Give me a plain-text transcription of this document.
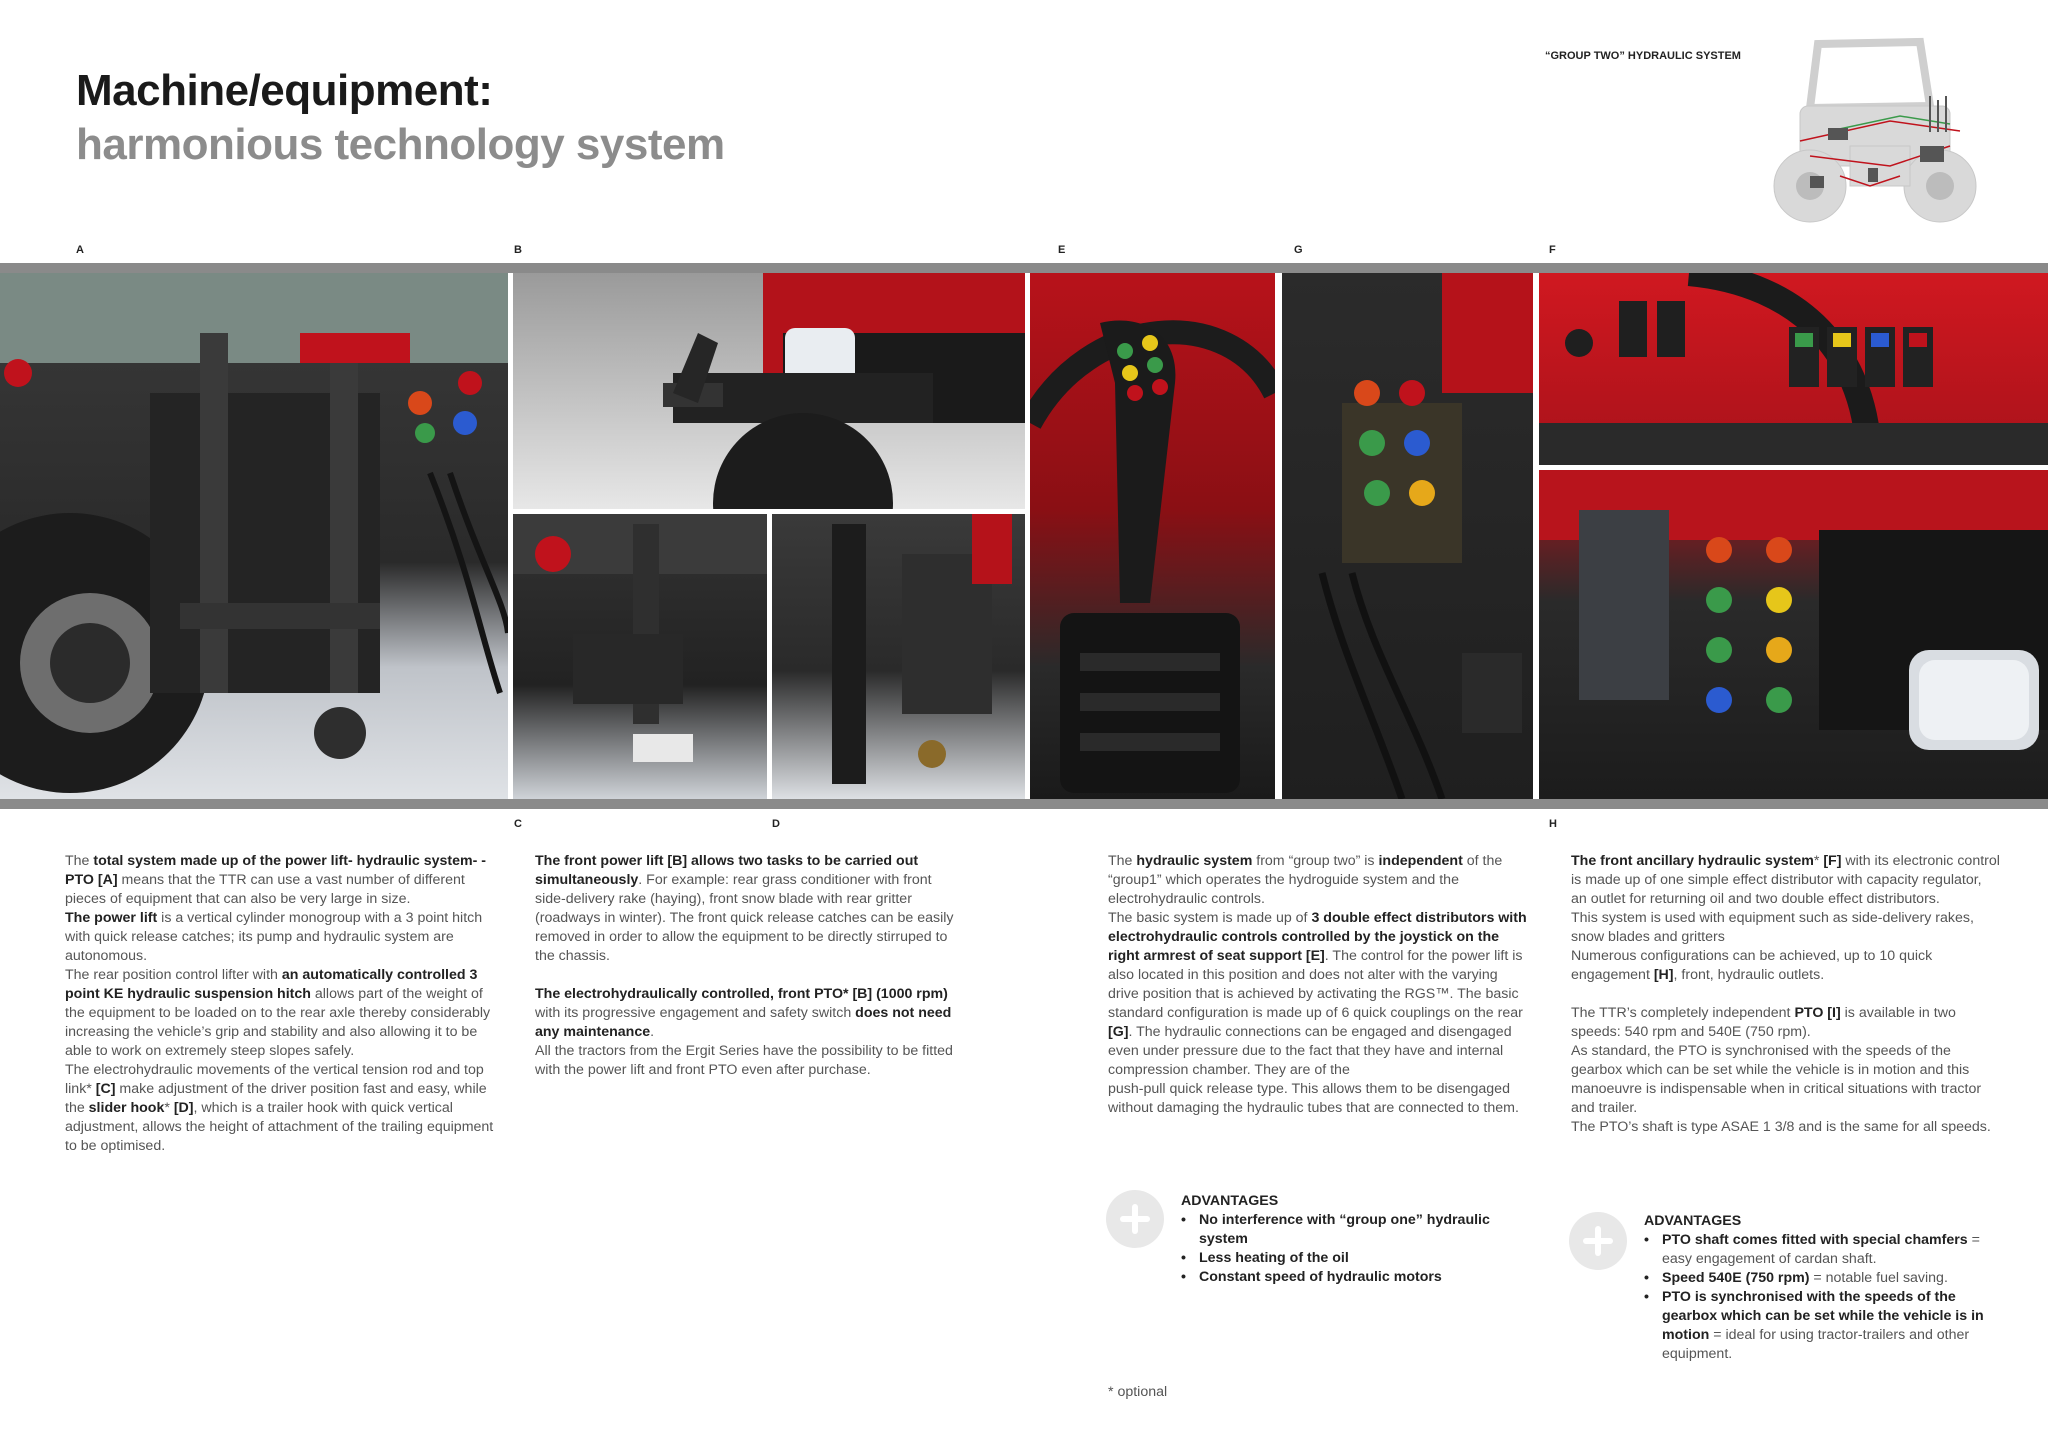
Machine/equipment:
harmonious technology system
“GROUP TWO” HYDRAULIC SYSTEM
A	B	E	G	F
C	D	H
The total system made up of the power lift- hydraulic system- -PTO [A] means that the TTR can use a vast number of different pieces of equipment that can also be very large in size.
The power lift is a vertical cylinder monogroup with a 3 point hitch with quick release catches; its pump and hydraulic system are autonomous.
The rear position control lifter with an automatically controlled 3 point KE hydraulic suspension hitch allows part of the weight of the equipment to be loaded on to the rear axle thereby considerably increasing the vehicle’s grip and stability and also allowing it to be able to work on extremely steep slopes safely.
The electrohydraulic movements of the vertical tension rod and top link* [C] make adjustment of the driver position fast and easy, while the slider hook* [D], which is a trailer hook with quick vertical adjustment, allows the height of attachment of the trailing equipment to be optimised.
The front power lift [B] allows two tasks to be carried out simultaneously. For example: rear grass conditioner with front side-delivery rake (haying), front snow blade with rear gritter (roadways in winter). The front quick release catches can be easily removed in order to allow the equipment to be directly stirruped to the chassis.

The electrohydraulically controlled, front PTO* [B] (1000 rpm) with its progressive engagement and safety switch does not need any maintenance.
All the tractors from the Ergit Series have the possibility to be fitted with the power lift and front PTO even after purchase.
The hydraulic system from “group two” is independent of the “group1” which operates the hydroguide system and the electrohydraulic controls.
The basic system is made up of 3 double effect distributors with electrohydraulic controls controlled by the joystick on the right armrest of seat support [E]. The control for the power lift is also located in this position and does not alter with the varying drive position that is achieved by activating the RGS™. The basic standard configuration is made up of 6 quick couplings on the rear [G]. The hydraulic connections can be engaged and disengaged even under pressure due to the fact that they have and internal compression chamber. They are of the
push-pull quick release type. This allows them to be disengaged without damaging the hydraulic tubes that are connected to them.
The front ancillary hydraulic system* [F] with its electronic control is made up of one simple effect distributor with capacity regulator, an outlet for returning oil and two double effect distributors.
This system is used with equipment such as side-delivery rakes, snow blades and gritters
Numerous configurations can be achieved, up to 10 quick engagement [H], front, hydraulic outlets.

The TTR’s completely independent PTO [I] is available in two speeds: 540 rpm and 540E (750 rpm).
As standard, the PTO is synchronised with the speeds of the gearbox which can be set while the vehicle is in motion and this manoeuvre is indispensable when in critical situations with tractor and trailer.
The PTO’s shaft is type ASAE 1 3/8 and is the same for all speeds.
ADVANTAGES
• No interference with “group one” hydraulic system
• Less heating of the oil
• Constant speed of hydraulic motors
ADVANTAGES
• PTO shaft comes fitted with special chamfers = easy engagement of cardan shaft.
• Speed 540E (750 rpm) = notable fuel saving.
• PTO is synchronised with the speeds of the gearbox which can be set while the vehicle is in motion = ideal for using tractor-trailers and other equipment.
* optional
